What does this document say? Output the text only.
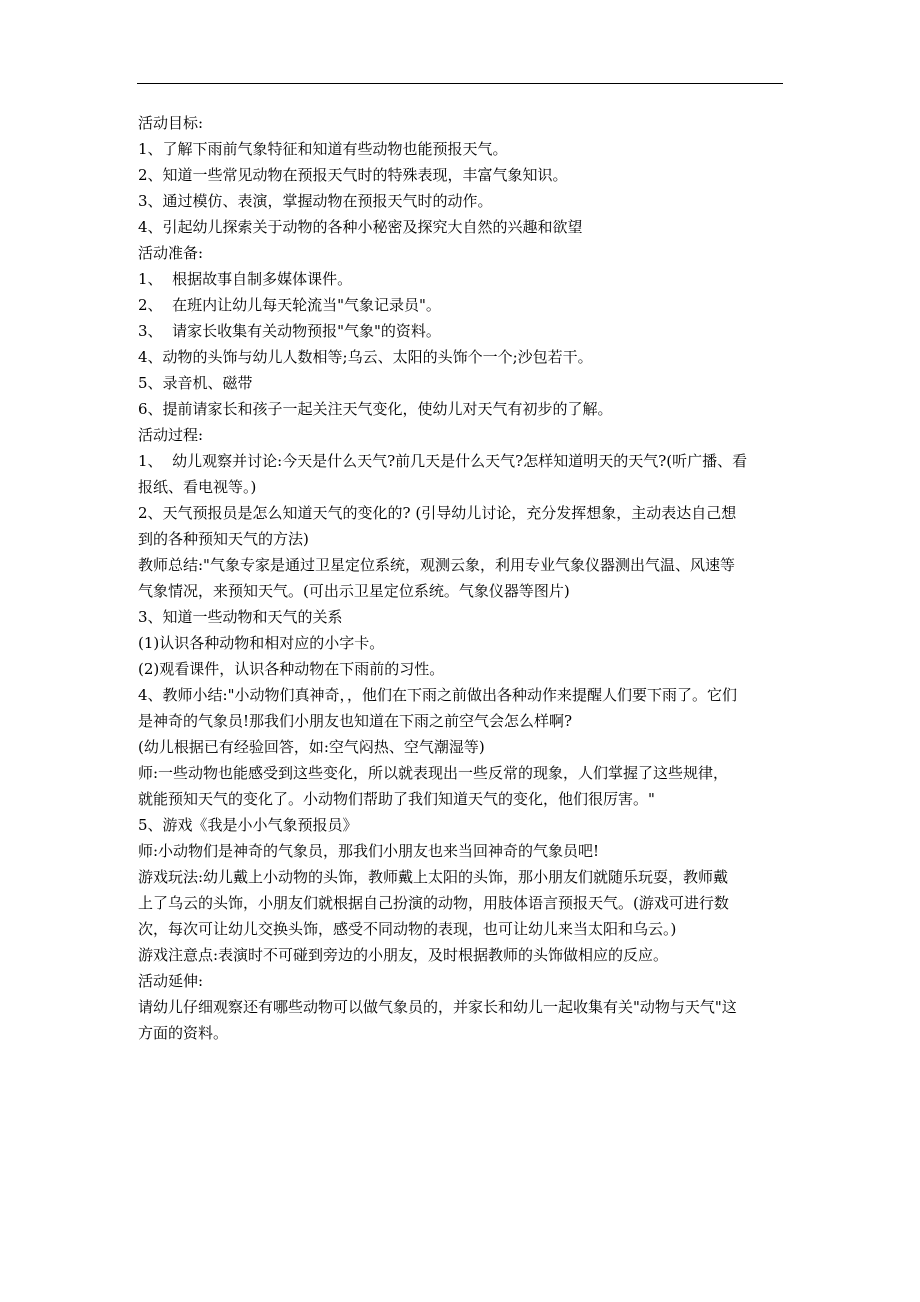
活动目标:
1、了解下雨前气象特征和知道有些动物也能预报天气。
2、知道一些常见动物在预报天气时的特殊表现，丰富气象知识。
3、通过模仿、表演，掌握动物在预报天气时的动作。
4、引起幼儿探索关于动物的各种小秘密及探究大自然的兴趣和欲望
活动准备:
1、  根据故事自制多媒体课件。
2、  在班内让幼儿每天轮流当"气象记录员"。
3、  请家长收集有关动物预报"气象"的资料。
4、动物的头饰与幼儿人数相等;乌云、太阳的头饰个一个;沙包若干。
5、录音机、磁带
6、提前请家长和孩子一起关注天气变化，使幼儿对天气有初步的了解。
活动过程:
1、  幼儿观察并讨论:今天是什么天气?前几天是什么天气?怎样知道明天的天气?(听广播、看
报纸、看电视等。)
2、天气预报员是怎么知道天气的变化的? (引导幼儿讨论，充分发挥想象，主动表达自己想
到的各种预知天气的方法)
教师总结:"气象专家是通过卫星定位系统，观测云象，利用专业气象仪器测出气温、风速等
气象情况，来预知天气。(可出示卫星定位系统。气象仪器等图片)
3、知道一些动物和天气的关系
(1)认识各种动物和相对应的小字卡。
(2)观看课件，认识各种动物在下雨前的习性。
4、教师小结:"小动物们真神奇，，他们在下雨之前做出各种动作来提醒人们要下雨了。它们
是神奇的气象员!那我们小朋友也知道在下雨之前空气会怎么样啊?
(幼儿根据已有经验回答，如:空气闷热、空气潮湿等)
师:一些动物也能感受到这些变化，所以就表现出一些反常的现象，人们掌握了这些规律，
就能预知天气的变化了。小动物们帮助了我们知道天气的变化，他们很厉害。"
5、游戏《我是小小气象预报员》
师:小动物们是神奇的气象员，那我们小朋友也来当回神奇的气象员吧!
游戏玩法:幼儿戴上小动物的头饰，教师戴上太阳的头饰，那小朋友们就随乐玩耍，教师戴
上了乌云的头饰，小朋友们就根据自己扮演的动物，用肢体语言预报天气。(游戏可进行数
次，每次可让幼儿交换头饰，感受不同动物的表现，也可让幼儿来当太阳和乌云。)
游戏注意点:表演时不可碰到旁边的小朋友，及时根据教师的头饰做相应的反应。
活动延伸:
请幼儿仔细观察还有哪些动物可以做气象员的，并家长和幼儿一起收集有关"动物与天气"这
方面的资料。
